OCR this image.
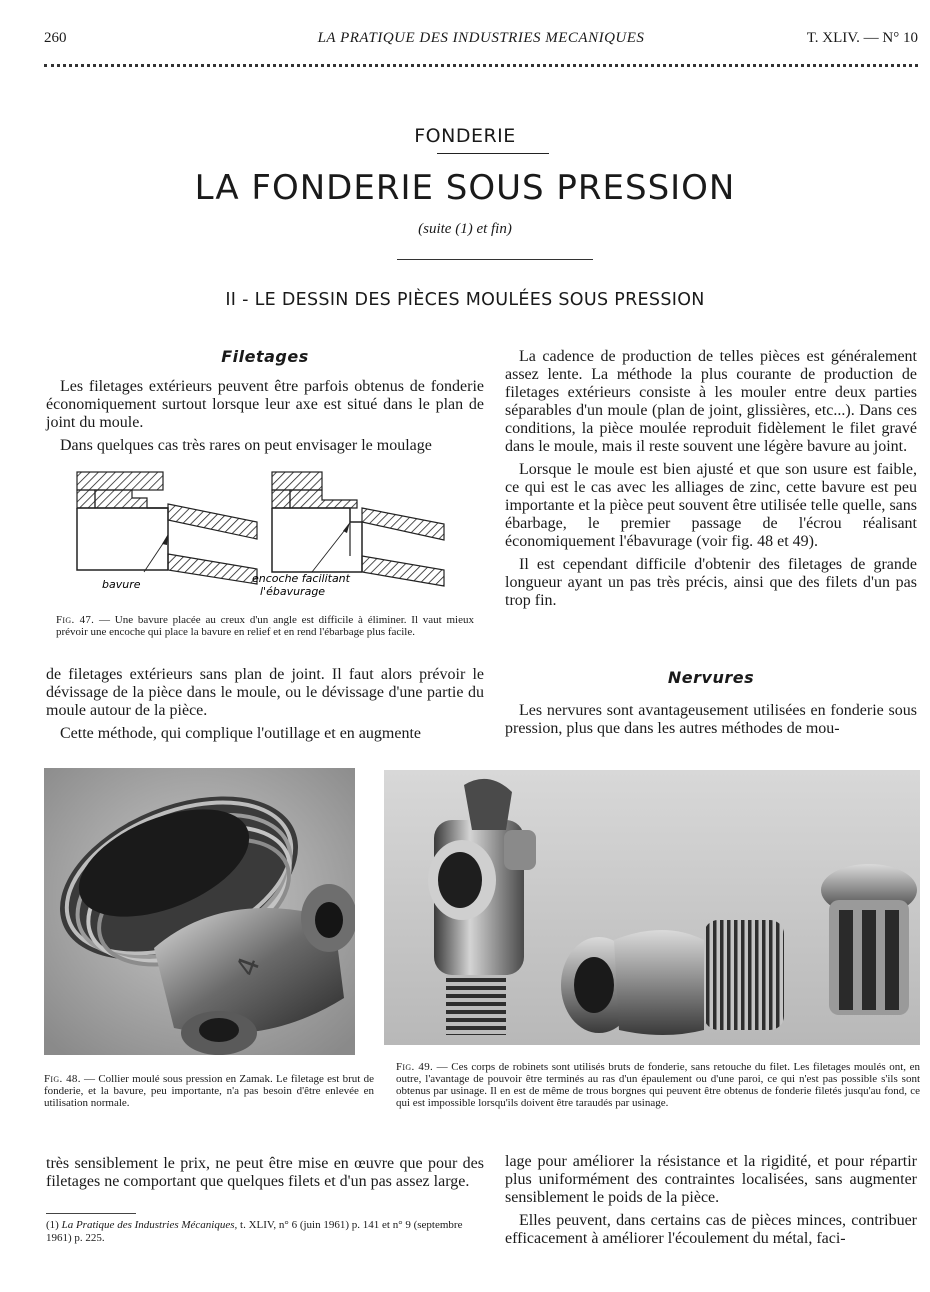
260	LA PRATIQUE DES INDUSTRIES MECANIQUES	T. XLIV. — N° 10
FONDERIE
LA FONDERIE SOUS PRESSION
(suite (1) et fin)
II - LE DESSIN DES PIÈCES MOULÉES SOUS PRESSION
Filetages

Les filetages extérieurs peuvent être parfois obtenus de fonderie économiquement surtout lorsque leur axe est situé dans le plan de joint du moule.

Dans quelques cas très rares on peut envisager le moulage

bavure	encoche facilitant
l'ébavurage
Fig. 47. — Une bavure placée au creux d'un angle est difficile à éliminer. Il vaut mieux prévoir une encoche qui place la bavure en relief et en rend l'ébarbage plus facile.

de filetages extérieurs sans plan de joint. Il faut alors prévoir le dévissage de la pièce dans le moule, ou le dévissage d'une partie du moule autour de la pièce.

Cette méthode, qui complique l'outillage et en augmente

La cadence de production de telles pièces est généralement assez lente. La méthode la plus courante de production de filetages extérieurs consiste à les mouler entre deux parties séparables d'un moule (plan de joint, glissières, etc...). Dans ces conditions, la pièce moulée reproduit fidèlement le filet gravé dans le moule, mais il reste souvent une légère bavure au joint.

Lorsque le moule est bien ajusté et que son usure est faible, ce qui est le cas avec les alliages de zinc, cette bavure est peu importante et la pièce peut souvent être utilisée telle quelle, sans ébarbage, le premier passage de l'écrou réalisant économiquement l'ébavurage (voir fig. 48 et 49).

Il est cependant difficile d'obtenir des filetages de grande longueur ayant un pas très précis, ainsi que des filets d'un pas trop fin.

Nervures

Les nervures sont avantageusement utilisées en fonderie sous pression, plus que dans les autres méthodes de mou-

4
Fig. 48. — Collier moulé sous pression en Zamak. Le filetage est brut de fonderie, et la bavure, peu importante, n'a pas besoin d'être enlevée en utilisation normale.
Fig. 49. — Ces corps de robinets sont utilisés bruts de fonderie, sans retouche du filet. Les filetages moulés ont, en outre, l'avantage de pouvoir être terminés au ras d'un épaulement ou d'une paroi, ce qui n'est pas possible s'ils sont obtenus par usinage. Il en est de même de trous borgnes qui peuvent être obtenus de fonderie filetés jusqu'au fond, ce qui est impossible lorsqu'ils doivent être taraudés par usinage.

très sensiblement le prix, ne peut être mise en œuvre que pour des filetages ne comportant que quelques filets et d'un pas assez large.

lage pour améliorer la résistance et la rigidité, et pour répartir plus uniformément des contraintes localisées, sans augmenter sensiblement le poids de la pièce.

Elles peuvent, dans certains cas de pièces minces, contribuer efficacement à améliorer l'écoulement du métal, faci-

(1) La Pratique des Industries Mécaniques, t. XLIV, n° 6 (juin 1961) p. 141 et n° 9 (septembre 1961) p. 225.
